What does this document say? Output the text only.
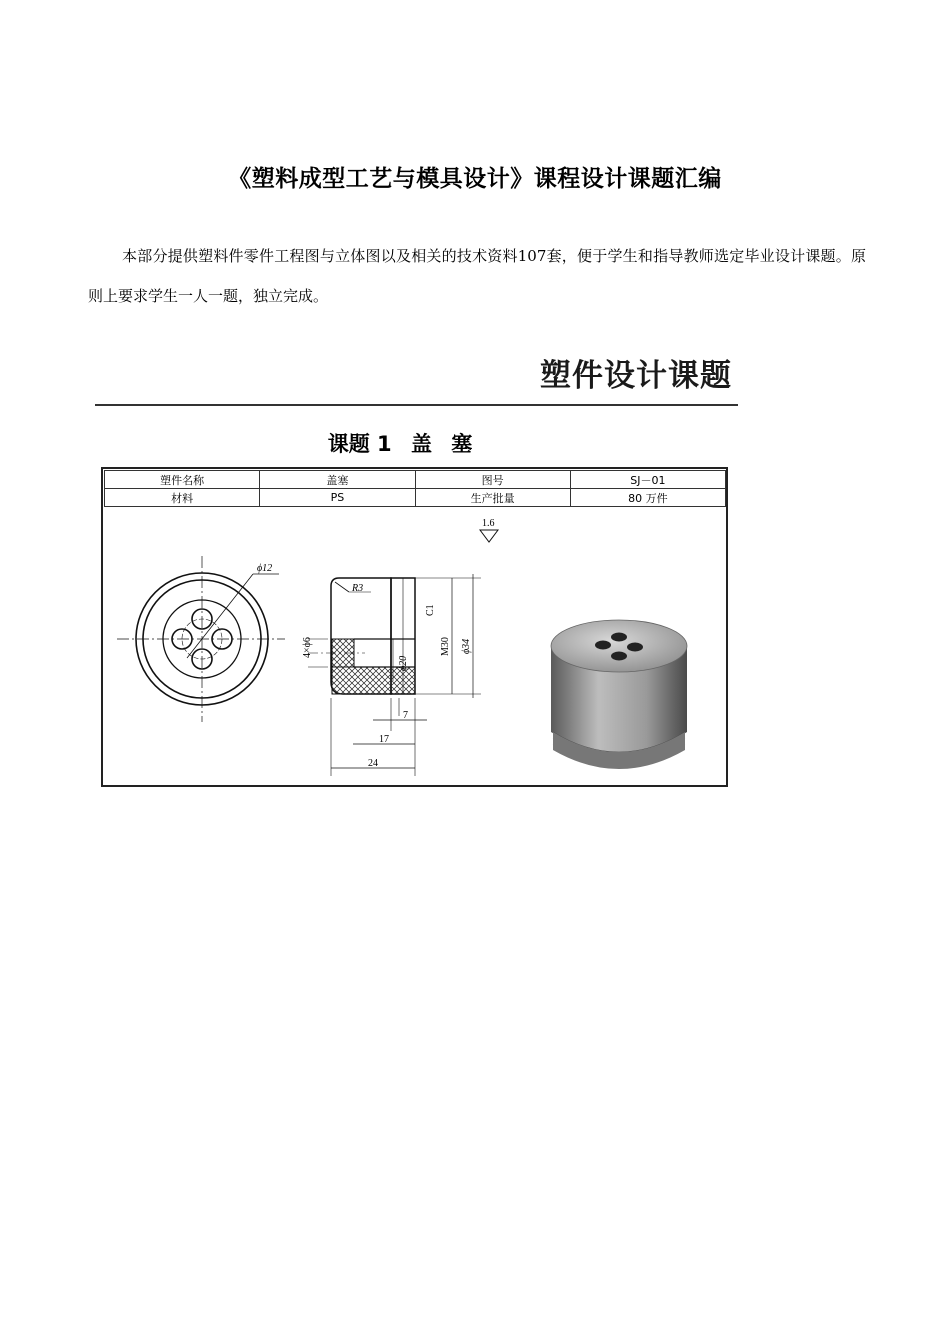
《塑料成型工艺与模具设计》课程设计课题汇编

本部分提供塑料件零件工程图与立体图以及相关的技术资料107套，便于学生和指导教师选定毕业设计课题。原则上要求学生一人一题，独立完成。

塑件设计课题
课题 1 盖 塞
塑件名称	盖塞	图号	SJ－01
材料	PS	生产批量	80 万件
1.6
ϕ12
R3
4×ϕ6
C1
M30 ϕ34
ϕ20
7
17
24
